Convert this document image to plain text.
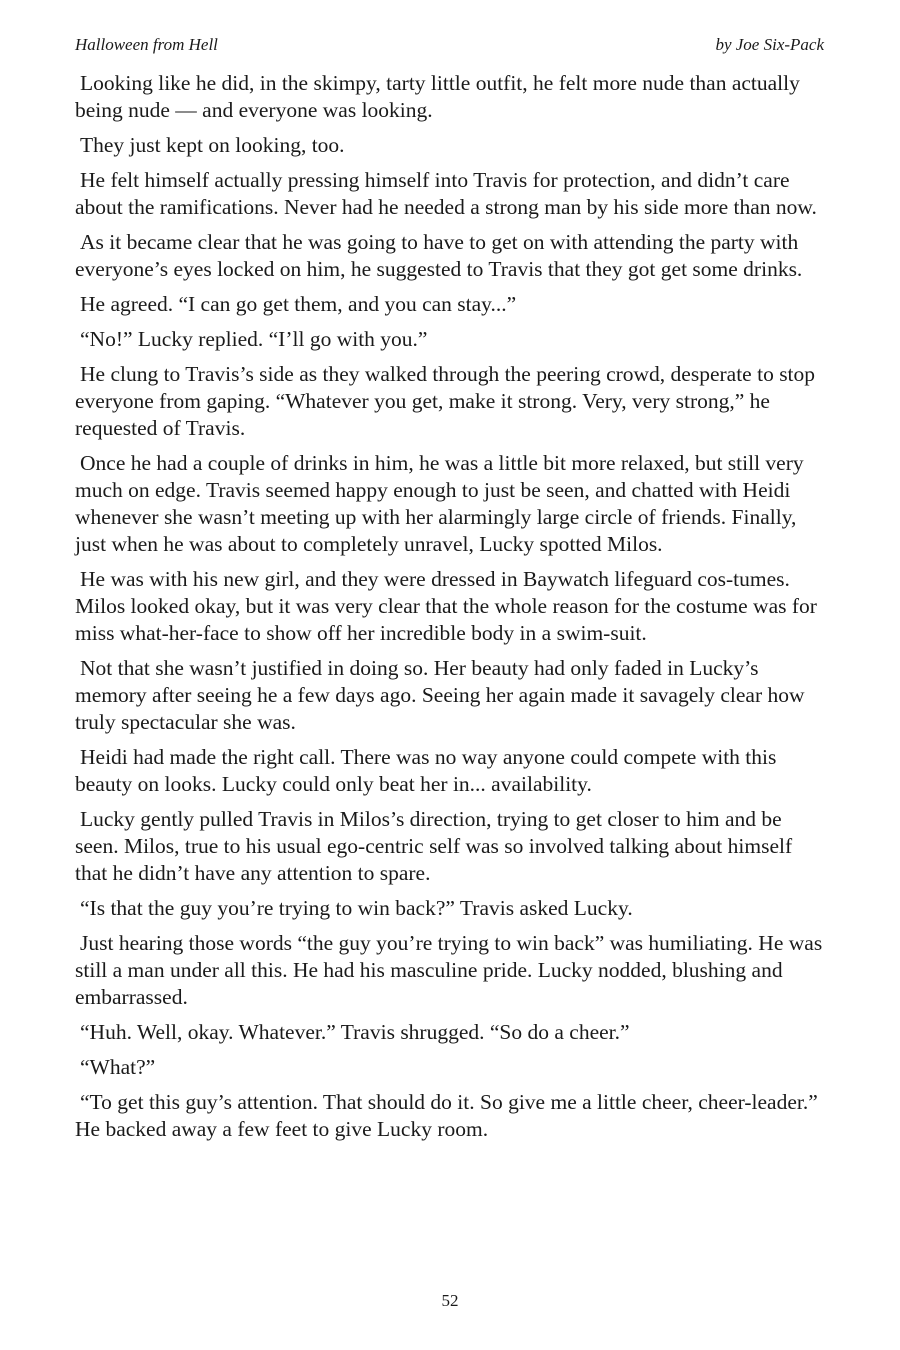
Halloween from Hell	by Joe Six-Pack

Looking like he did, in the skimpy, tarty little outfit, he felt more nude than actually being nude — and everyone was looking.

They just kept on looking, too.

He felt himself actually pressing himself into Travis for protection, and didn’t care about the ramifications. Never had he needed a strong man by his side more than now.

As it became clear that he was going to have to get on with attending the party with everyone’s eyes locked on him, he suggested to Travis that they got get some drinks.

He agreed. “I can go get them, and you can stay...”

“No!” Lucky replied. “I’ll go with you.”

He clung to Travis’s side as they walked through the peering crowd, desperate to stop everyone from gaping. “Whatever you get, make it strong. Very, very strong,” he requested of Travis.

Once he had a couple of drinks in him, he was a little bit more relaxed, but still very much on edge. Travis seemed happy enough to just be seen, and chatted with Heidi whenever she wasn’t meeting up with her alarmingly large circle of friends. Finally, just when he was about to completely unravel, Lucky spotted Milos.

He was with his new girl, and they were dressed in Baywatch lifeguard cos-tumes. Milos looked okay, but it was very clear that the whole reason for the costume was for miss what-her-face to show off her incredible body in a swim-suit.

Not that she wasn’t justified in doing so. Her beauty had only faded in Lucky’s memory after seeing he a few days ago. Seeing her again made it savagely clear how truly spectacular she was.

Heidi had made the right call. There was no way anyone could compete with this beauty on looks. Lucky could only beat her in... availability.

Lucky gently pulled Travis in Milos’s direction, trying to get closer to him and be seen. Milos, true to his usual ego-centric self was so involved talking about himself that he didn’t have any attention to spare.

“Is that the guy you’re trying to win back?” Travis asked Lucky.

Just hearing those words “the guy you’re trying to win back” was humiliating. He was still a man under all this. He had his masculine pride. Lucky nodded, blushing and embarrassed.

“Huh. Well, okay. Whatever.” Travis shrugged. “So do a cheer.”

“What?”

“To get this guy’s attention. That should do it. So give me a little cheer, cheer-leader.” He backed away a few feet to give Lucky room.

52
